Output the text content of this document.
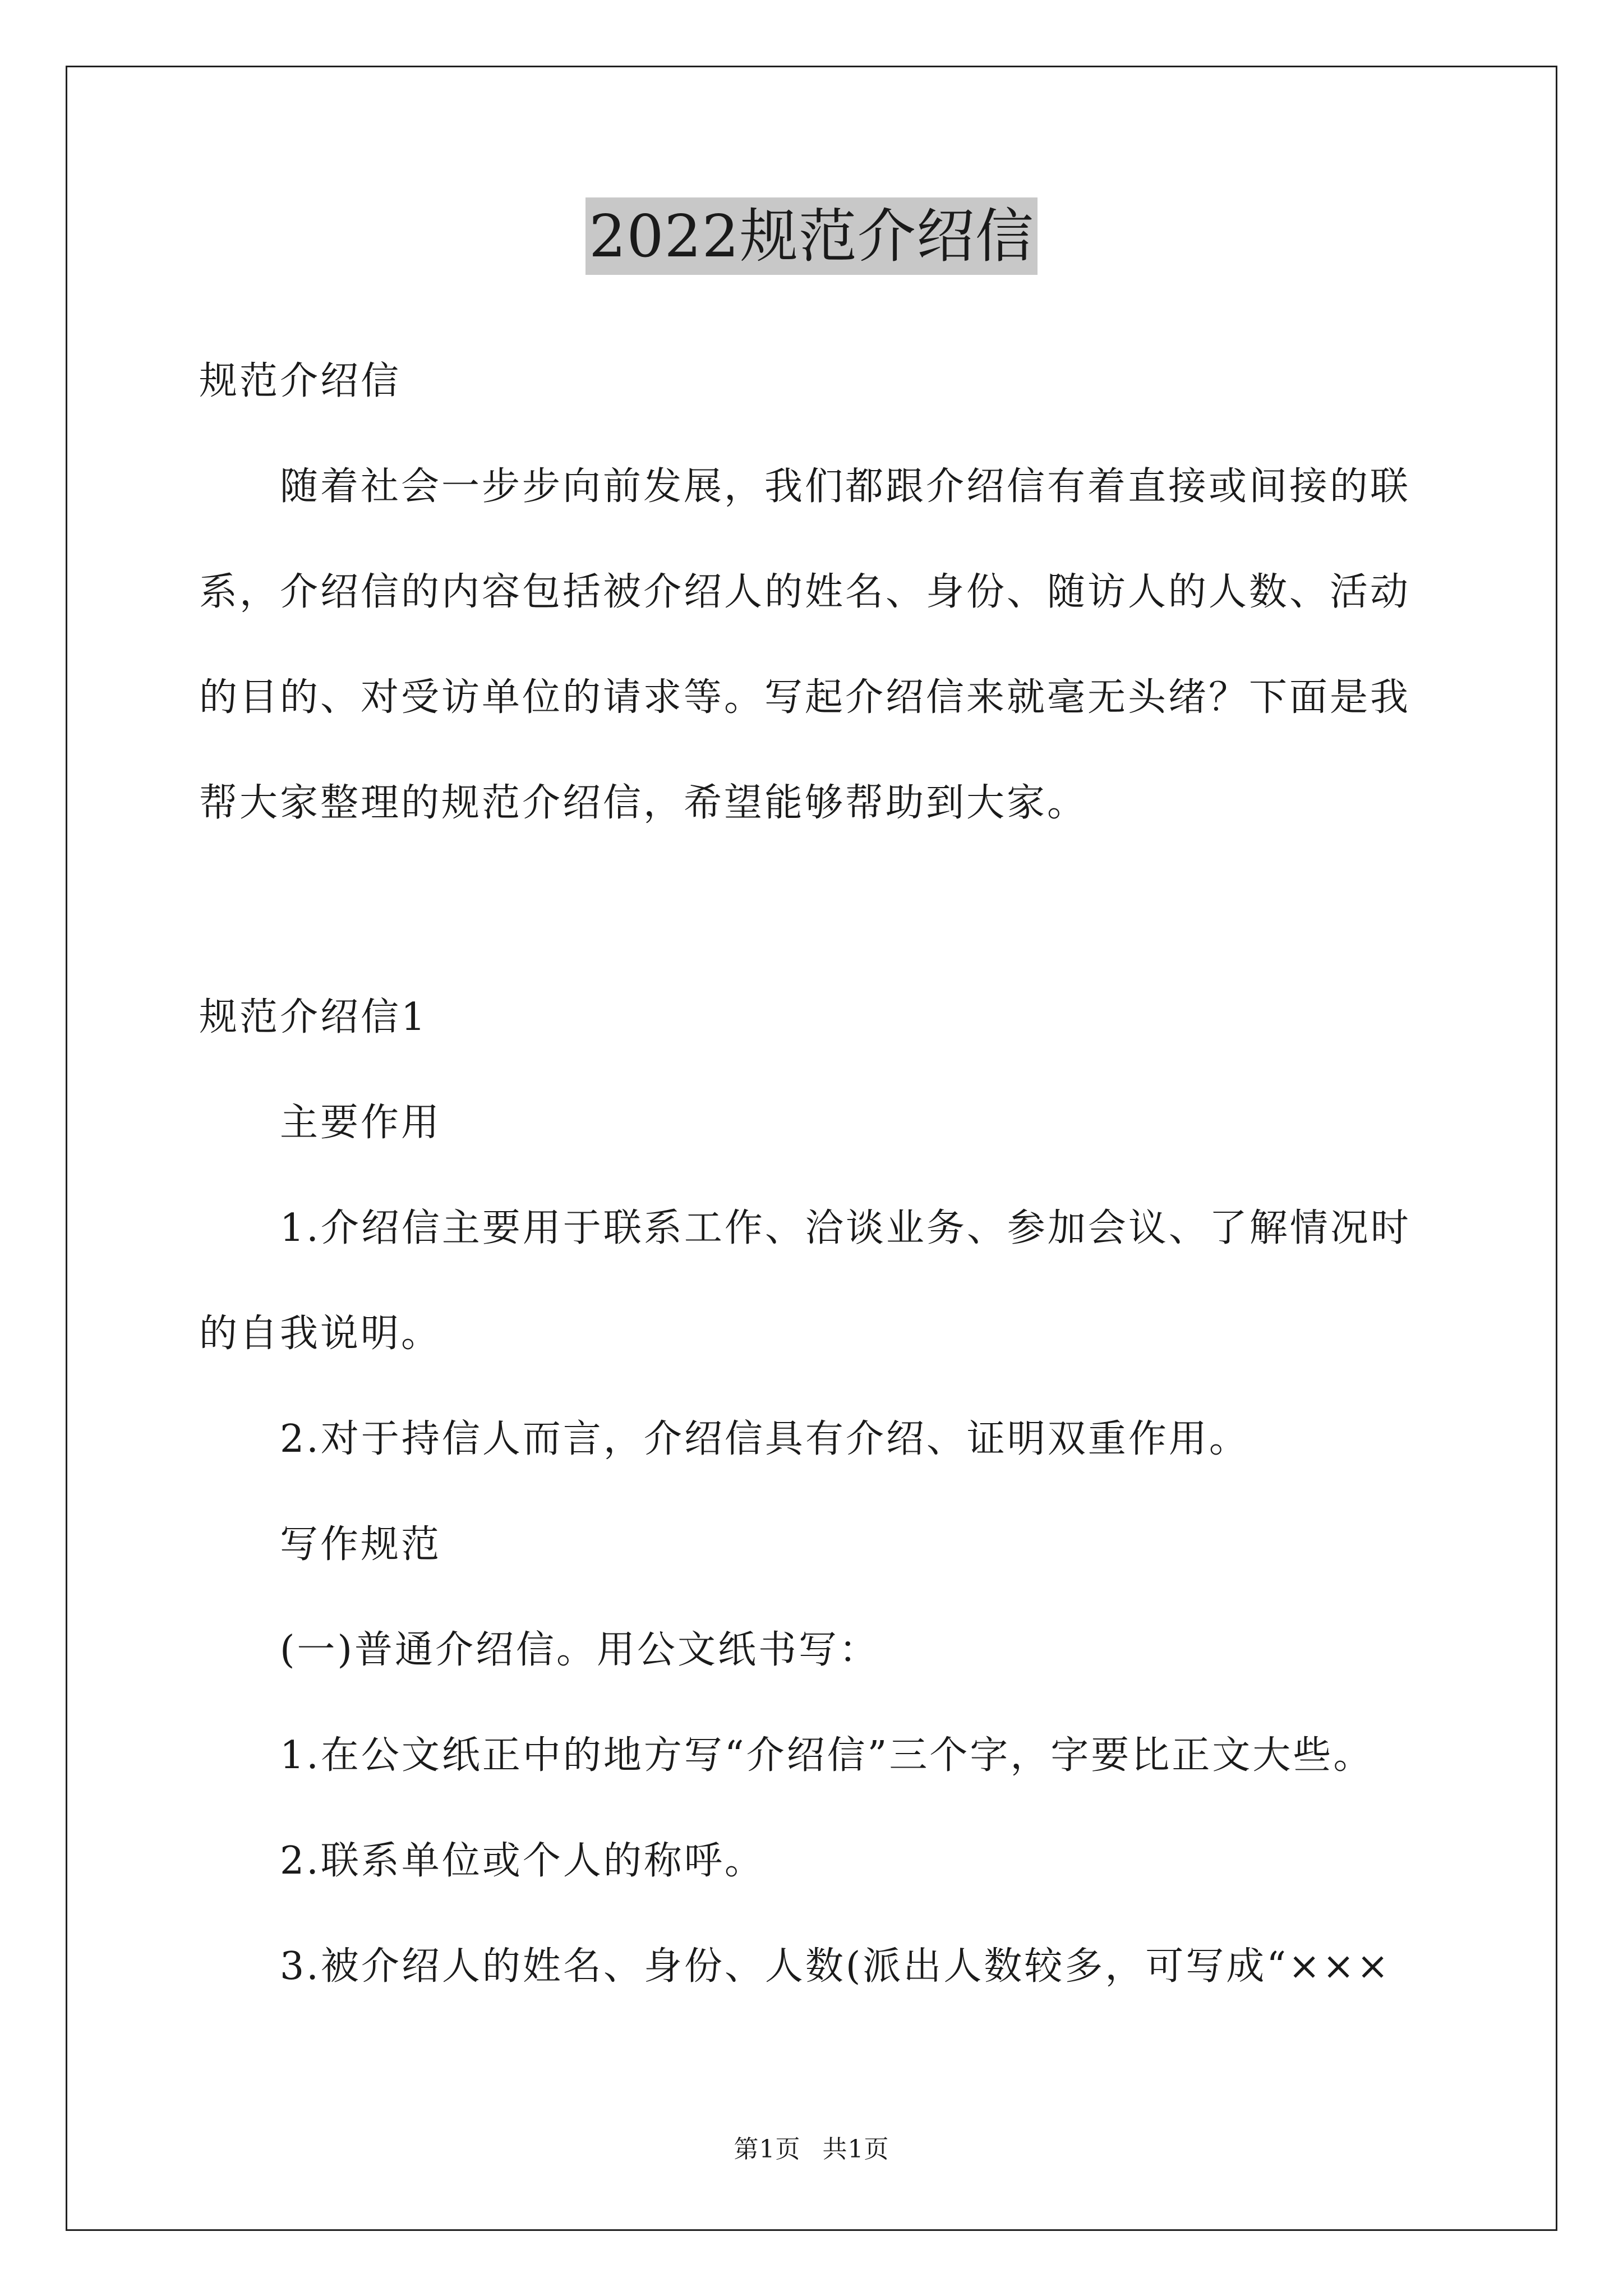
2022规范介绍信

规范介绍信

随着社会一步步向前发展，我们都跟介绍信有着直接或间接的联

系，介绍信的内容包括被介绍人的姓名、身份、随访人的人数、活动

的目的、对受访单位的请求等。写起介绍信来就毫无头绪？下面是我

帮大家整理的规范介绍信，希望能够帮助到大家。

规范介绍信1

主要作用

1.介绍信主要用于联系工作、洽谈业务、参加会议、了解情况时

的自我说明。

2.对于持信人而言，介绍信具有介绍、证明双重作用。

写作规范

(一)普通介绍信。用公文纸书写：

1.在公文纸正中的地方写“介绍信”三个字，字要比正文大些。

2.联系单位或个人的称呼。

3.被介绍人的姓名、身份、人数(派出人数较多，可写成“×××

第1页 共1页
